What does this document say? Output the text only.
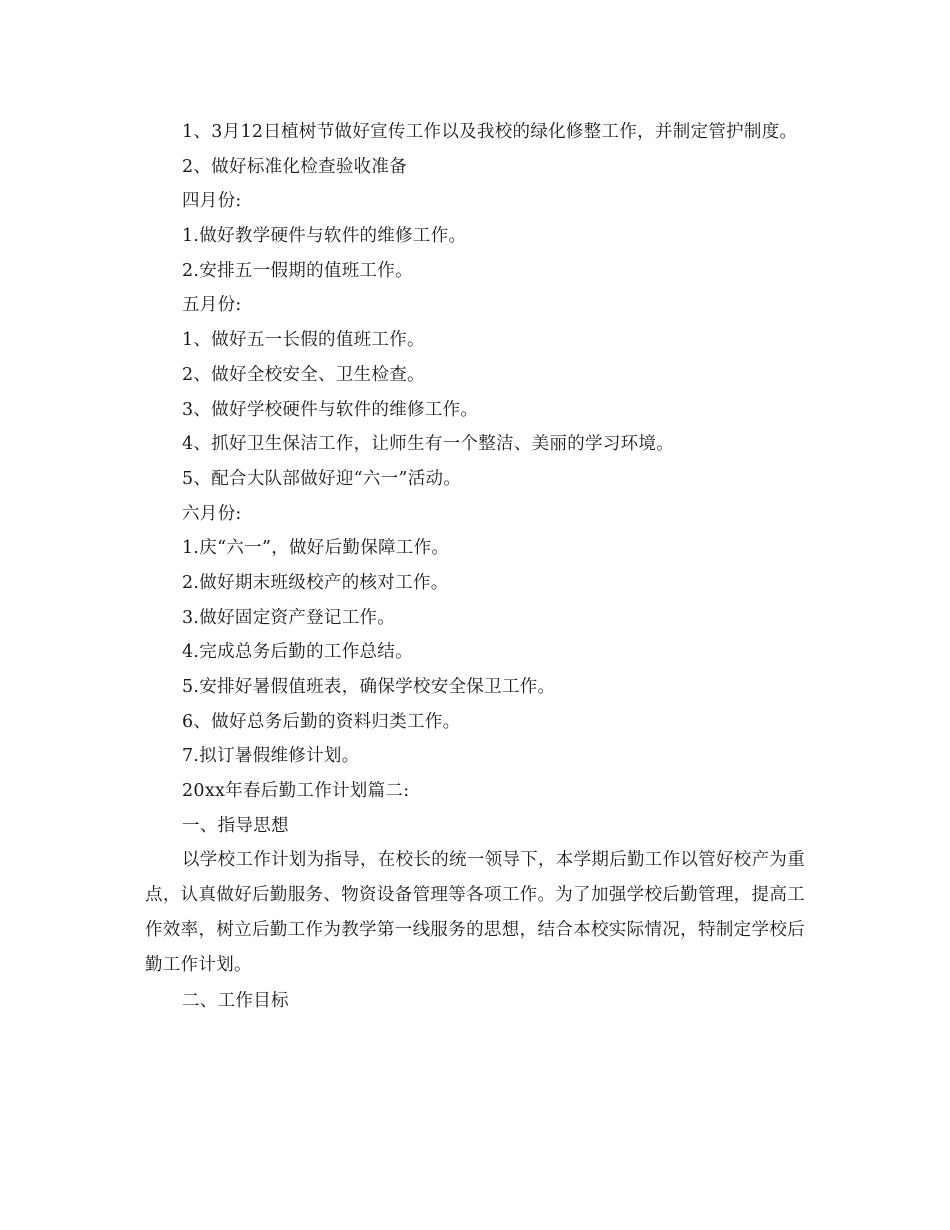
1、3月12日植树节做好宣传工作以及我校的绿化修整工作，并制定管护制度。
2、做好标准化检查验收准备
四月份:
1.做好教学硬件与软件的维修工作。
2.安排五一假期的值班工作。
五月份:
1、做好五一长假的值班工作。
2、做好全校安全、卫生检查。
3、做好学校硬件与软件的维修工作。
4、抓好卫生保洁工作，让师生有一个整洁、美丽的学习环境。
5、配合大队部做好迎“六一”活动。
六月份:
1.庆“六一”，做好后勤保障工作。
2.做好期末班级校产的核对工作。
3.做好固定资产登记工作。
4.完成总务后勤的工作总结。
5.安排好暑假值班表，确保学校安全保卫工作。
6、做好总务后勤的资料归类工作。
7.拟订暑假维修计划。
20xx年春后勤工作计划篇二:
一、指导思想
以学校工作计划为指导，在校长的统一领导下，本学期后勤工作以管好校产为重点，认真做好后勤服务、物资设备管理等各项工作。为了加强学校后勤管理，提高工作效率，树立后勤工作为教学第一线服务的思想，结合本校实际情况，特制定学校后勤工作计划。
二、工作目标
